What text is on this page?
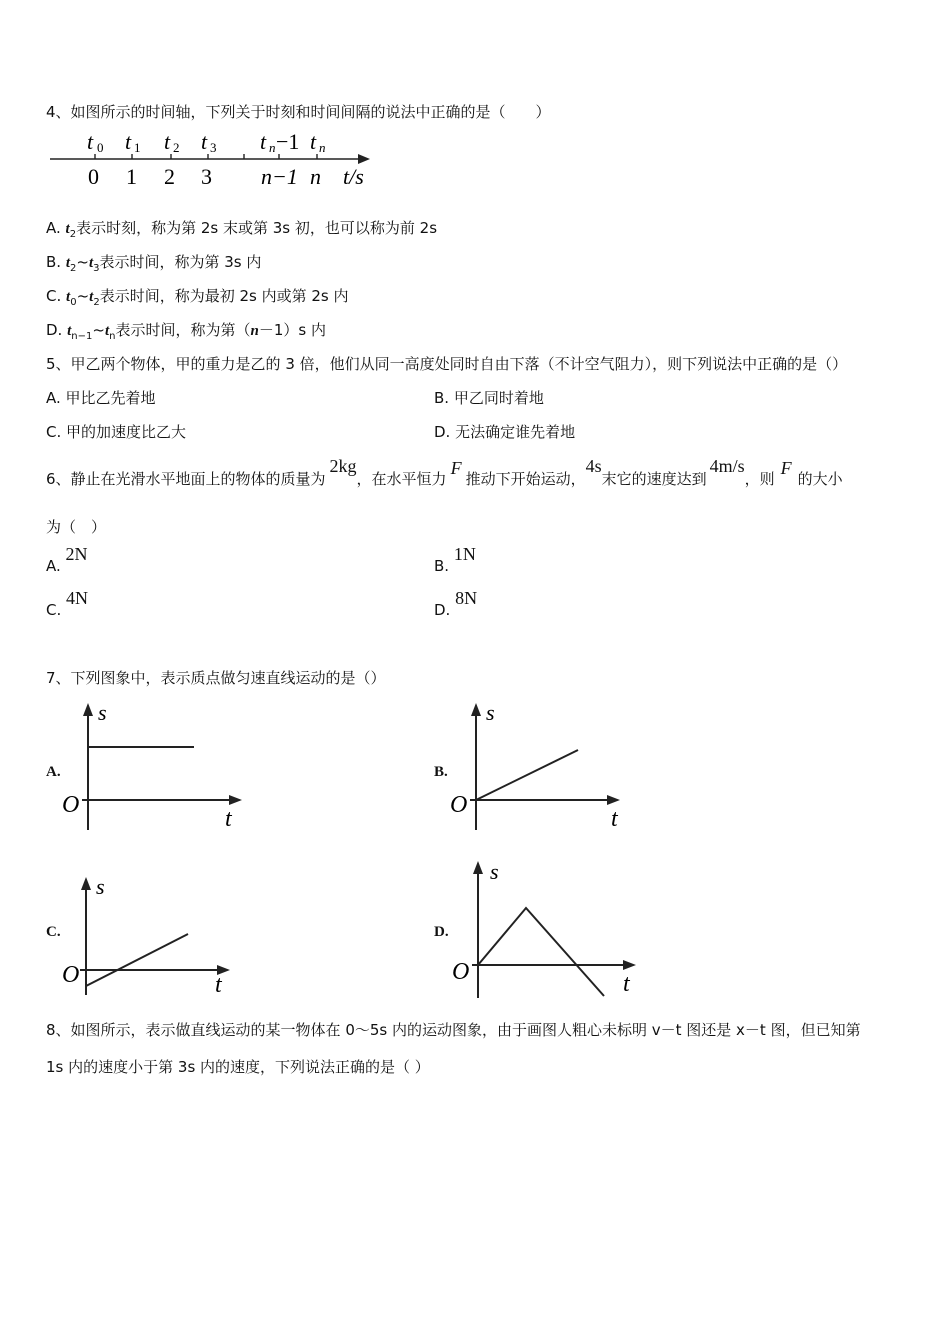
4、如图所示的时间轴，下列关于时刻和时间间隔的说法中正确的是（　　）
t 0 t 1 t 2 t 3 t n −1 t n
0 1 2 3 n−1 n t/s
A. $t_2$表示时刻，称为第 2s 末或第 3s 初，也可以称为前 2s
B. $t_2\sim t_3$表示时间，称为第 3s 内
C. $t_0\sim t_2$表示时间，称为最初 2s 内或第 2s 内
D. $t_{n-1}\sim t_n$表示时间，称为第（n－1）s 内
5、甲乙两个物体，甲的重力是乙的 3 倍，他们从同一高度处同时自由下落（不计空气阻力），则下列说法中正确的是（）
A. 甲比乙先着地	B. 甲乙同时着地
C. 甲的加速度比乙大	D. 无法确定谁先着地
6、静止在光滑水平地面上的物体的质量为2kg，在水平恒力F推动下开始运动，4s末它的速度达到4m/s，则F的大小
为（　）
A. 2N
B. 1N
C. 4N
D. 8N
7、下列图象中，表示质点做匀速直线运动的是（）
A.
s
t
O
B.
s
t
O
C.
s
t
O
D.
s
t
O
8、如图所示，表示做直线运动的某一物体在 0～5s 内的运动图象，由于画图人粗心未标明 v－t 图还是 x－t 图，但已知第
1s 内的速度小于第 3s 内的速度，下列说法正确的是（ ）
